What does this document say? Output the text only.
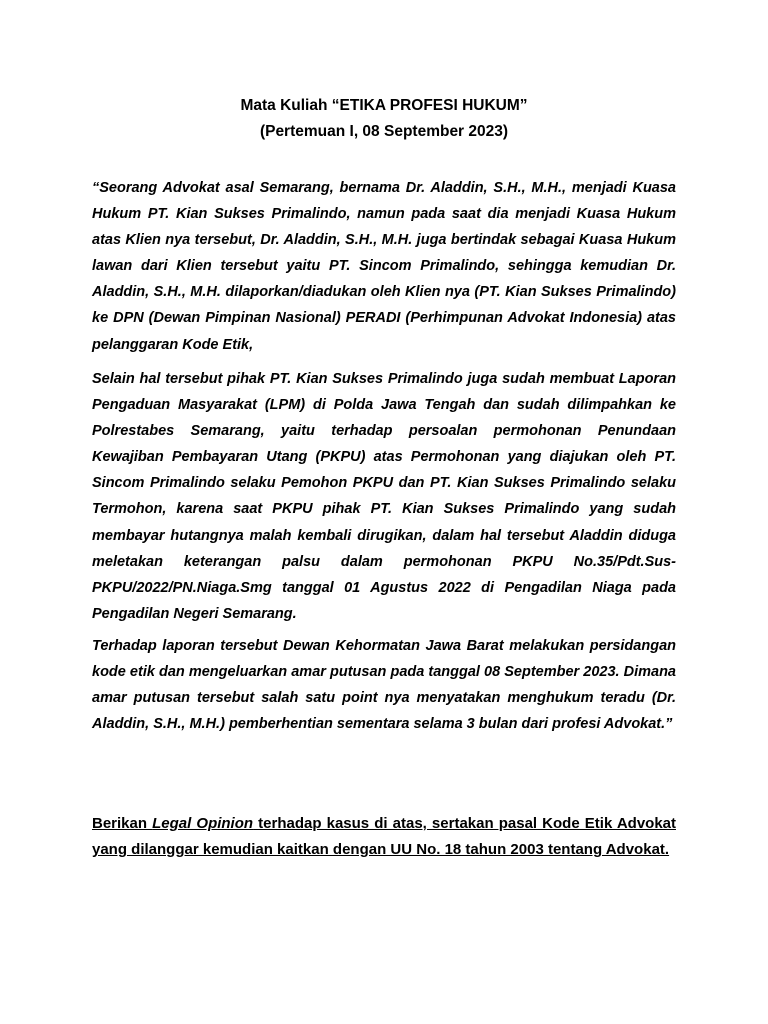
Mata Kuliah “ETIKA PROFESI HUKUM”
(Pertemuan I, 08 September 2023)

“Seorang Advokat asal Semarang, bernama Dr. Aladdin, S.H., M.H., menjadi Kuasa Hukum PT. Kian Sukses Primalindo, namun pada saat dia menjadi Kuasa Hukum atas Klien nya tersebut, Dr. Aladdin, S.H., M.H. juga bertindak sebagai Kuasa Hukum lawan dari Klien tersebut yaitu PT. Sincom Primalindo, sehingga kemudian Dr. Aladdin, S.H., M.H. dilaporkan/diadukan oleh Klien nya (PT. Kian Sukses Primalindo) ke DPN (Dewan Pimpinan Nasional) PERADI (Perhimpunan Advokat Indonesia) atas pelanggaran Kode Etik,

Selain hal tersebut pihak PT. Kian Sukses Primalindo juga sudah membuat Laporan Pengaduan Masyarakat (LPM) di Polda Jawa Tengah dan sudah dilimpahkan ke Polrestabes Semarang, yaitu terhadap persoalan permohonan Penundaan Kewajiban Pembayaran Utang (PKPU) atas Permohonan yang diajukan oleh PT. Sincom Primalindo selaku Pemohon PKPU dan PT. Kian Sukses Primalindo selaku Termohon, karena saat PKPU pihak PT. Kian Sukses Primalindo yang sudah membayar hutangnya malah kembali dirugikan, dalam hal tersebut Aladdin diduga meletakan keterangan palsu dalam permohonan PKPU No.35/Pdt.Sus-PKPU/2022/PN.Niaga.Smg tanggal 01 Agustus 2022 di Pengadilan Niaga pada Pengadilan Negeri Semarang.

Terhadap laporan tersebut Dewan Kehormatan Jawa Barat melakukan persidangan kode etik dan mengeluarkan amar putusan pada tanggal 08 September 2023. Dimana amar putusan tersebut salah satu point nya menyatakan menghukum teradu (Dr. Aladdin, S.H., M.H.) pemberhentian sementara selama 3 bulan dari profesi Advokat.”

Berikan Legal Opinion terhadap kasus di atas, sertakan pasal Kode Etik Advokat yang dilanggar kemudian kaitkan dengan UU No. 18 tahun 2003 tentang Advokat.
